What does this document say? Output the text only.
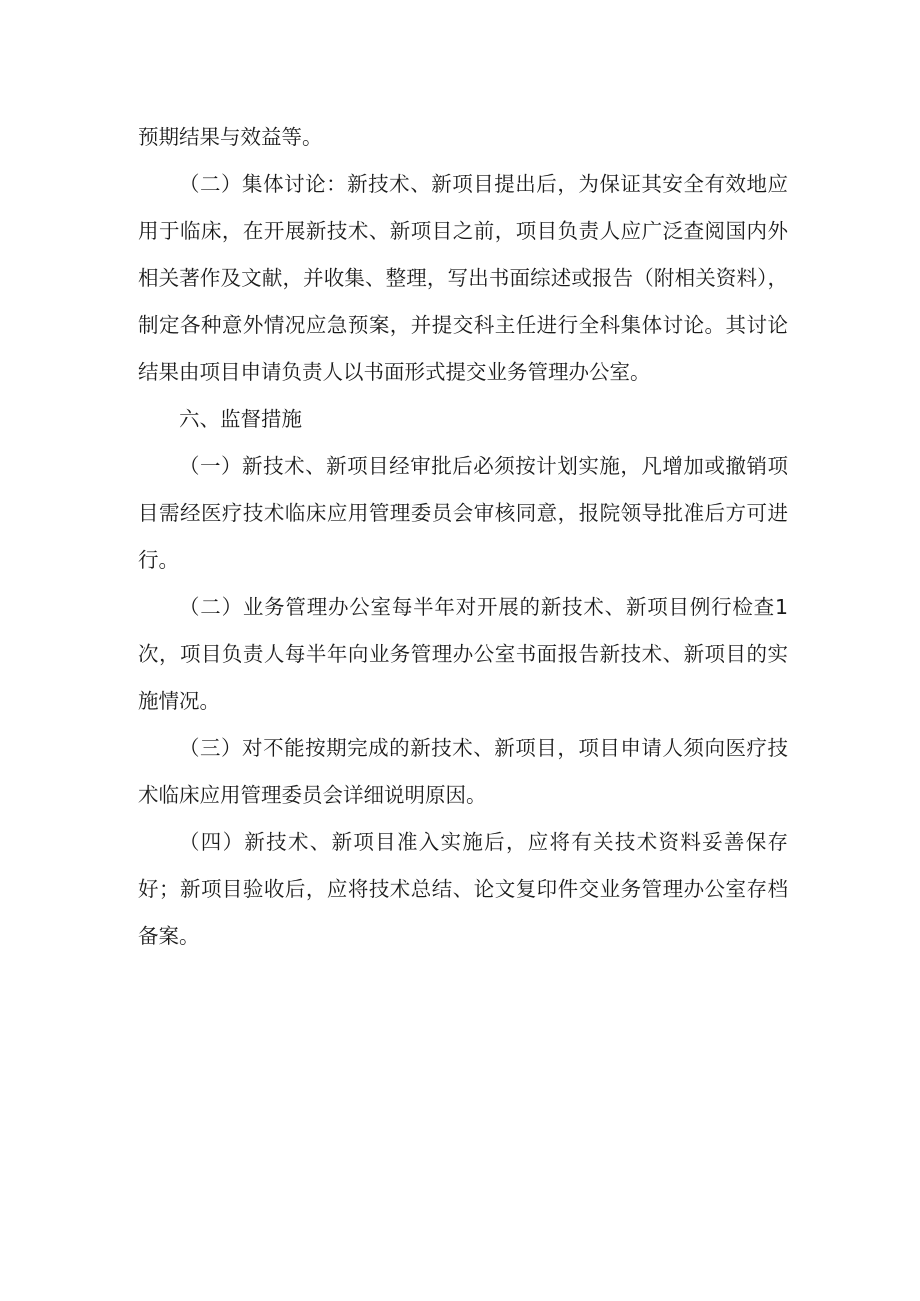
预期结果与效益等。

（二）集体讨论：新技术、新项目提出后，为保证其安全有效地应用于临床，在开展新技术、新项目之前，项目负责人应广泛查阅国内外相关著作及文献，并收集、整理，写出书面综述或报告（附相关资料），制定各种意外情况应急预案，并提交科主任进行全科集体讨论。其讨论结果由项目申请负责人以书面形式提交业务管理办公室。

六、监督措施

（一）新技术、新项目经审批后必须按计划实施，凡增加或撤销项目需经医疗技术临床应用管理委员会审核同意，报院领导批准后方可进行。

（二）业务管理办公室每半年对开展的新技术、新项目例行检查1次，项目负责人每半年向业务管理办公室书面报告新技术、新项目的实施情况。

（三）对不能按期完成的新技术、新项目，项目申请人须向医疗技术临床应用管理委员会详细说明原因。

（四）新技术、新项目准入实施后，应将有关技术资料妥善保存好；新项目验收后，应将技术总结、论文复印件交业务管理办公室存档备案。
